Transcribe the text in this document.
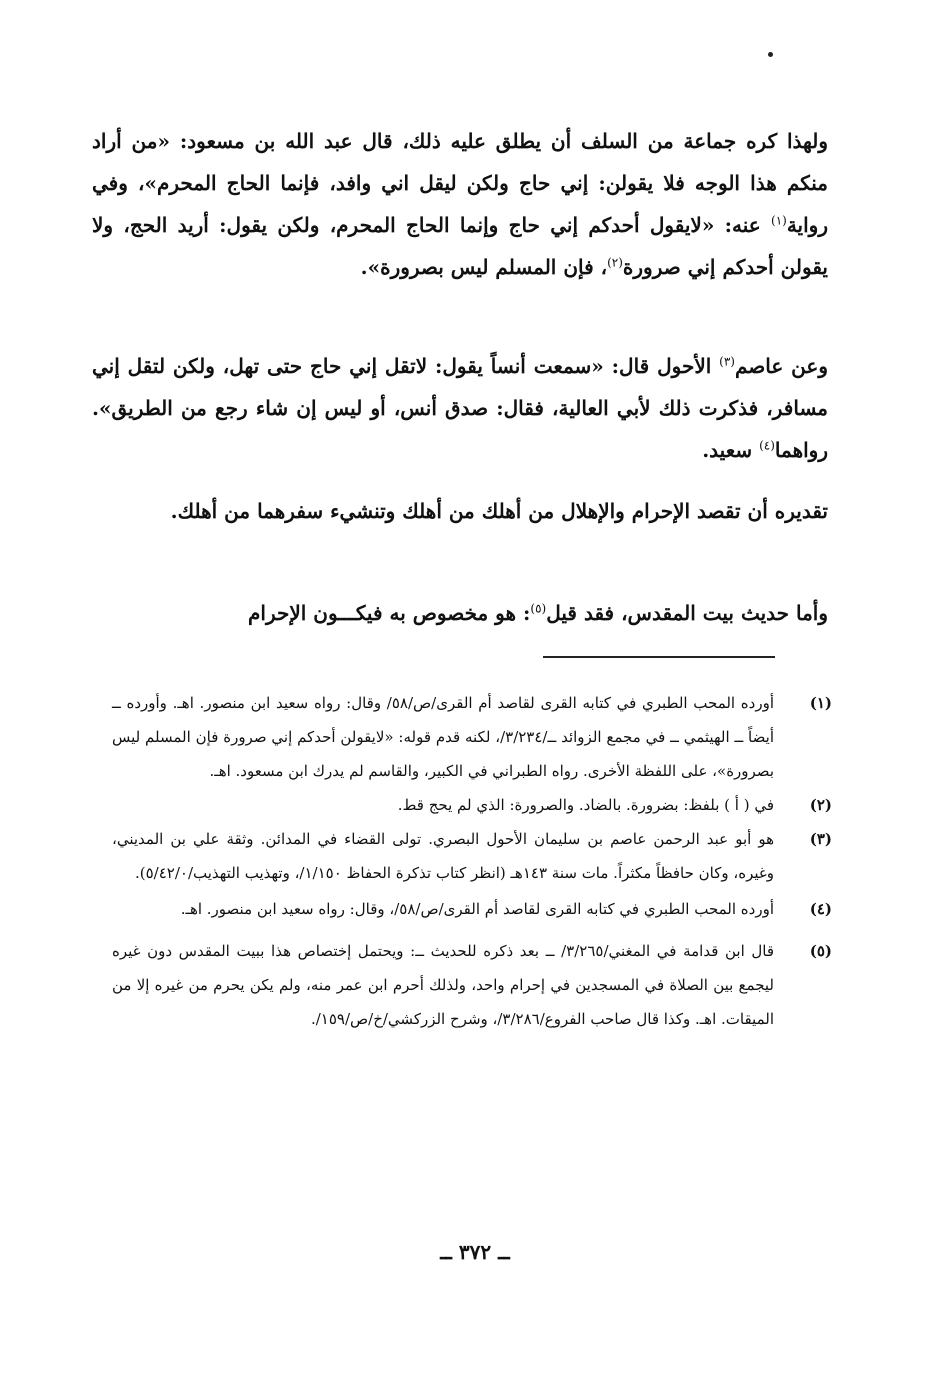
ولهذا كره جماعة من السلف أن يطلق عليه ذلك، قال عبد الله بن مسعود: «من أراد منكم هذا الوجه فلا يقولن: إني حاج ولكن ليقل اني وافد، فإنما الحاج المحرم»، وفي رواية$^{(١)}$ عنه: «لايقول أحدكم إني حاج وإنما الحاج المحرم، ولكن يقول: أريد الحج، ولا يقولن أحدكم إني صرورة$^{(٢)}$، فإن المسلم ليس بصرورة».

وعن عاصم$^{(٣)}$ الأحول قال: «سمعت أنساً يقول: لاتقل إني حاج حتى تهل، ولكن لتقل إني مسافر، فذكرت ذلك لأبي العالية، فقال: صدق أنس، أو ليس إن شاء رجع من الطريق». رواهما$^{(٤)}$ سعيد.

تقديره أن تقصد الإحرام والإهلال من أهلك من أهلك وتنشيء سفرهما من أهلك.

وأما حديث بيت المقدس، فقد قيل$^{(٥)}$: هو مخصوص به فيكـــون الإحرام

(١)
أورده المحب الطبري في كتابه القرى لقاصد أم القرى/ص/٥٨/ وقال: رواه سعيد ابن منصور. اهـ. وأورده ــ أيضاً ــ الهيثمي ــ في مجمع الزوائد ــ/٣/٢٣٤/، لكنه قدم قوله: «لايقولن أحدكم إني صرورة فإن المسلم ليس بصرورة»، على اللفظة الأخرى. رواه الطبراني في الكبير، والقاسم لم يدرك ابن مسعود. اهـ.
(٢)
في ( أ ) بلفظ: بضرورة. بالضاد. والصرورة: الذي لم يحج قط.
(٣)
هو أبو عبد الرحمن عاصم بن سليمان الأحول البصري. تولى القضاء في المدائن. وثقة علي بن المديني، وغيره، وكان حافظاً مكثراً. مات سنة ١٤٣هـ (انظر كتاب تذكرة الحفاظ ١/١٥٠/، وتهذيب التهذيب/٥/٤٢/٠).
(٤)
أورده المحب الطبري في كتابه القرى لقاصد أم القرى/ص/٥٨/، وقال: رواه سعيد ابن منصور. اهـ.
(٥)
قال ابن قدامة في المغني/٣/٢٦٥/ ــ بعد ذكره للحديث ــ: ويحتمل إختصاص هذا ببيت المقدس دون غيره ليجمع بين الصلاة في المسجدين في إحرام واحد، ولذلك أحرم ابن عمر منه، ولم يكن يحرم من غيره إلا من الميقات. اهـ. وكذا قال صاحب الفروع/٣/٢٨٦/، وشرح الزركشي/خ/ص/١٥٩/.
ــ ٣٧٢ ــ
